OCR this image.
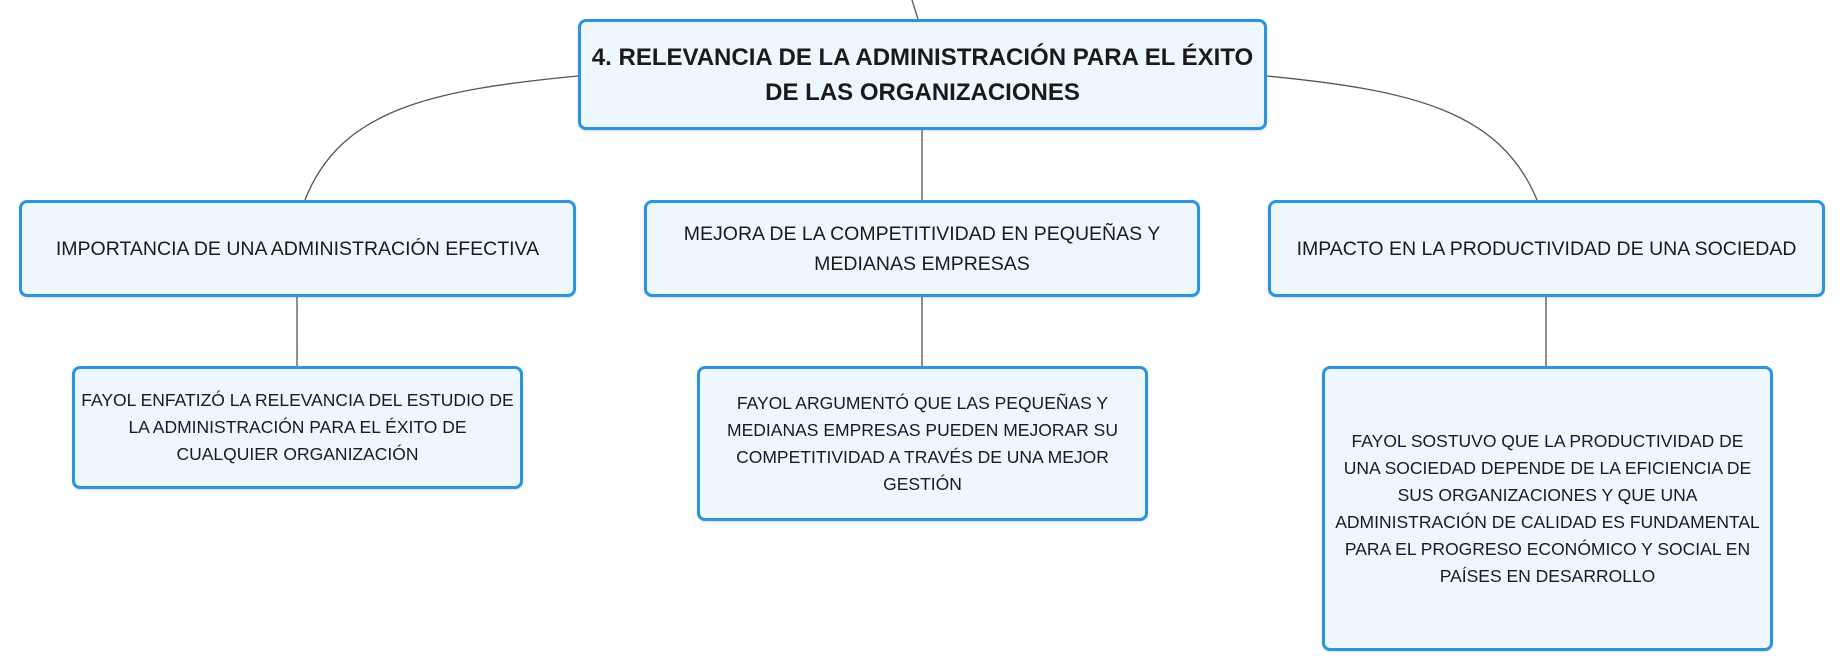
4. RELEVANCIA DE LA ADMINISTRACIÓN PARA EL ÉXITO DE LAS ORGANIZACIONES
IMPORTANCIA DE UNA ADMINISTRACIÓN EFECTIVA
MEJORA DE LA COMPETITIVIDAD EN PEQUEÑAS Y MEDIANAS EMPRESAS
IMPACTO EN LA PRODUCTIVIDAD DE UNA SOCIEDAD
FAYOL ENFATIZÓ LA RELEVANCIA DEL ESTUDIO DE LA ADMINISTRACIÓN PARA EL ÉXITO DE CUALQUIER ORGANIZACIÓN
FAYOL ARGUMENTÓ QUE LAS PEQUEÑAS Y MEDIANAS EMPRESAS PUEDEN MEJORAR SU COMPETITIVIDAD A TRAVÉS DE UNA MEJOR GESTIÓN
FAYOL SOSTUVO QUE LA PRODUCTIVIDAD DE UNA SOCIEDAD DEPENDE DE LA EFICIENCIA DE SUS ORGANIZACIONES Y QUE UNA ADMINISTRACIÓN DE CALIDAD ES FUNDAMENTAL PARA EL PROGRESO ECONÓMICO Y SOCIAL EN PAÍSES EN DESARROLLO
